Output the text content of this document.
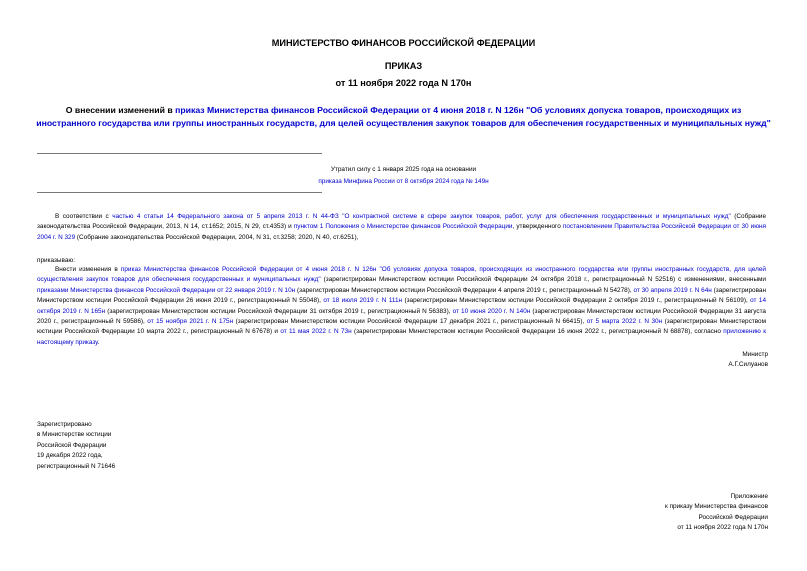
МИНИСТЕРСТВО ФИНАНСОВ РОССИЙСКОЙ ФЕДЕРАЦИИ
ПРИКАЗ
от 11 ноября 2022 года N 170н
О внесении изменений в приказ Министерства финансов Российской Федерации от 4 июня 2018 г. N 126н "Об условиях допуска товаров, происходящих из иностранного государства или группы иностранных государств, для целей осуществления закупок товаров для обеспечения государственных и муниципальных нужд"
Утратил силу с 1 января 2025 года на основании
приказа Минфина России от 8 октября 2024 года № 149н
В соответствии с частью 4 статьи 14 Федерального закона от 5 апреля 2013 г. N 44-ФЗ "О контрактной системе в сфере закупок товаров, работ, услуг для обеспечения государственных и муниципальных нужд" (Собрание законодательства Российской Федерации, 2013, N 14, ст.1652; 2015, N 29, ст.4353) и пунктом 1 Положения о Министерстве финансов Российской Федерации, утвержденного постановлением Правительства Российской Федерации от 30 июня 2004 г. N 329 (Собрание законодательства Российской Федерации, 2004, N 31, ст.3258; 2020, N 40, ст.6251),
приказываю:
Внести изменения в приказ Министерства финансов Российской Федерации от 4 июня 2018 г. N 126н "Об условиях допуска товаров, происходящих из иностранного государства или группы иностранных государств, для целей осуществления закупок товаров для обеспечения государственных и муниципальных нужд" (зарегистрирован Министерством юстиции Российской Федерации 24 октября 2018 г., регистрационный N 52516) с изменениями, внесенными приказами Министерства финансов Российской Федерации от 22 января 2019 г. N 10н (зарегистрирован Министерством юстиции Российской Федерации 4 апреля 2019 г., регистрационный N 54278), от 30 апреля 2019 г. N 64н (зарегистрирован Министерством юстиции Российской Федерации 26 июня 2019 г., регистрационный N 55048), от 18 июля 2019 г. N 111н (зарегистрирован Министерством юстиции Российской Федерации 2 октября 2019 г., регистрационный N 56109), от 14 октября 2019 г. N 165н (зарегистрирован Министерством юстиции Российской Федерации 31 октября 2019 г., регистрационный N 56383), от 10 июня 2020 г. N 140н (зарегистрирован Министерством юстиции Российской Федерации 31 августа 2020 г., регистрационный N 59586), от 15 ноября 2021 г. N 175н (зарегистрирован Министерством юстиции Российской Федерации 17 декабря 2021 г., регистрационный N 66415), от 5 марта 2022 г. N 30н (зарегистрирован Министерством юстиции Российской Федерации 10 марта 2022 г., регистрационный N 67678) и от 11 мая 2022 г. N 73н (зарегистрирован Министерством юстиции Российской Федерации 16 июня 2022 г., регистрационный N 68878), согласно приложению к настоящему приказу.
Министр
А.Г.Силуанов
Зарегистрировано
в Министерстве юстиции
Российской Федерации
19 декабря 2022 года,
регистрационный N 71646
Приложение
к приказу Министерства финансов
Российской Федерации
от 11 ноября 2022 года N 170н
